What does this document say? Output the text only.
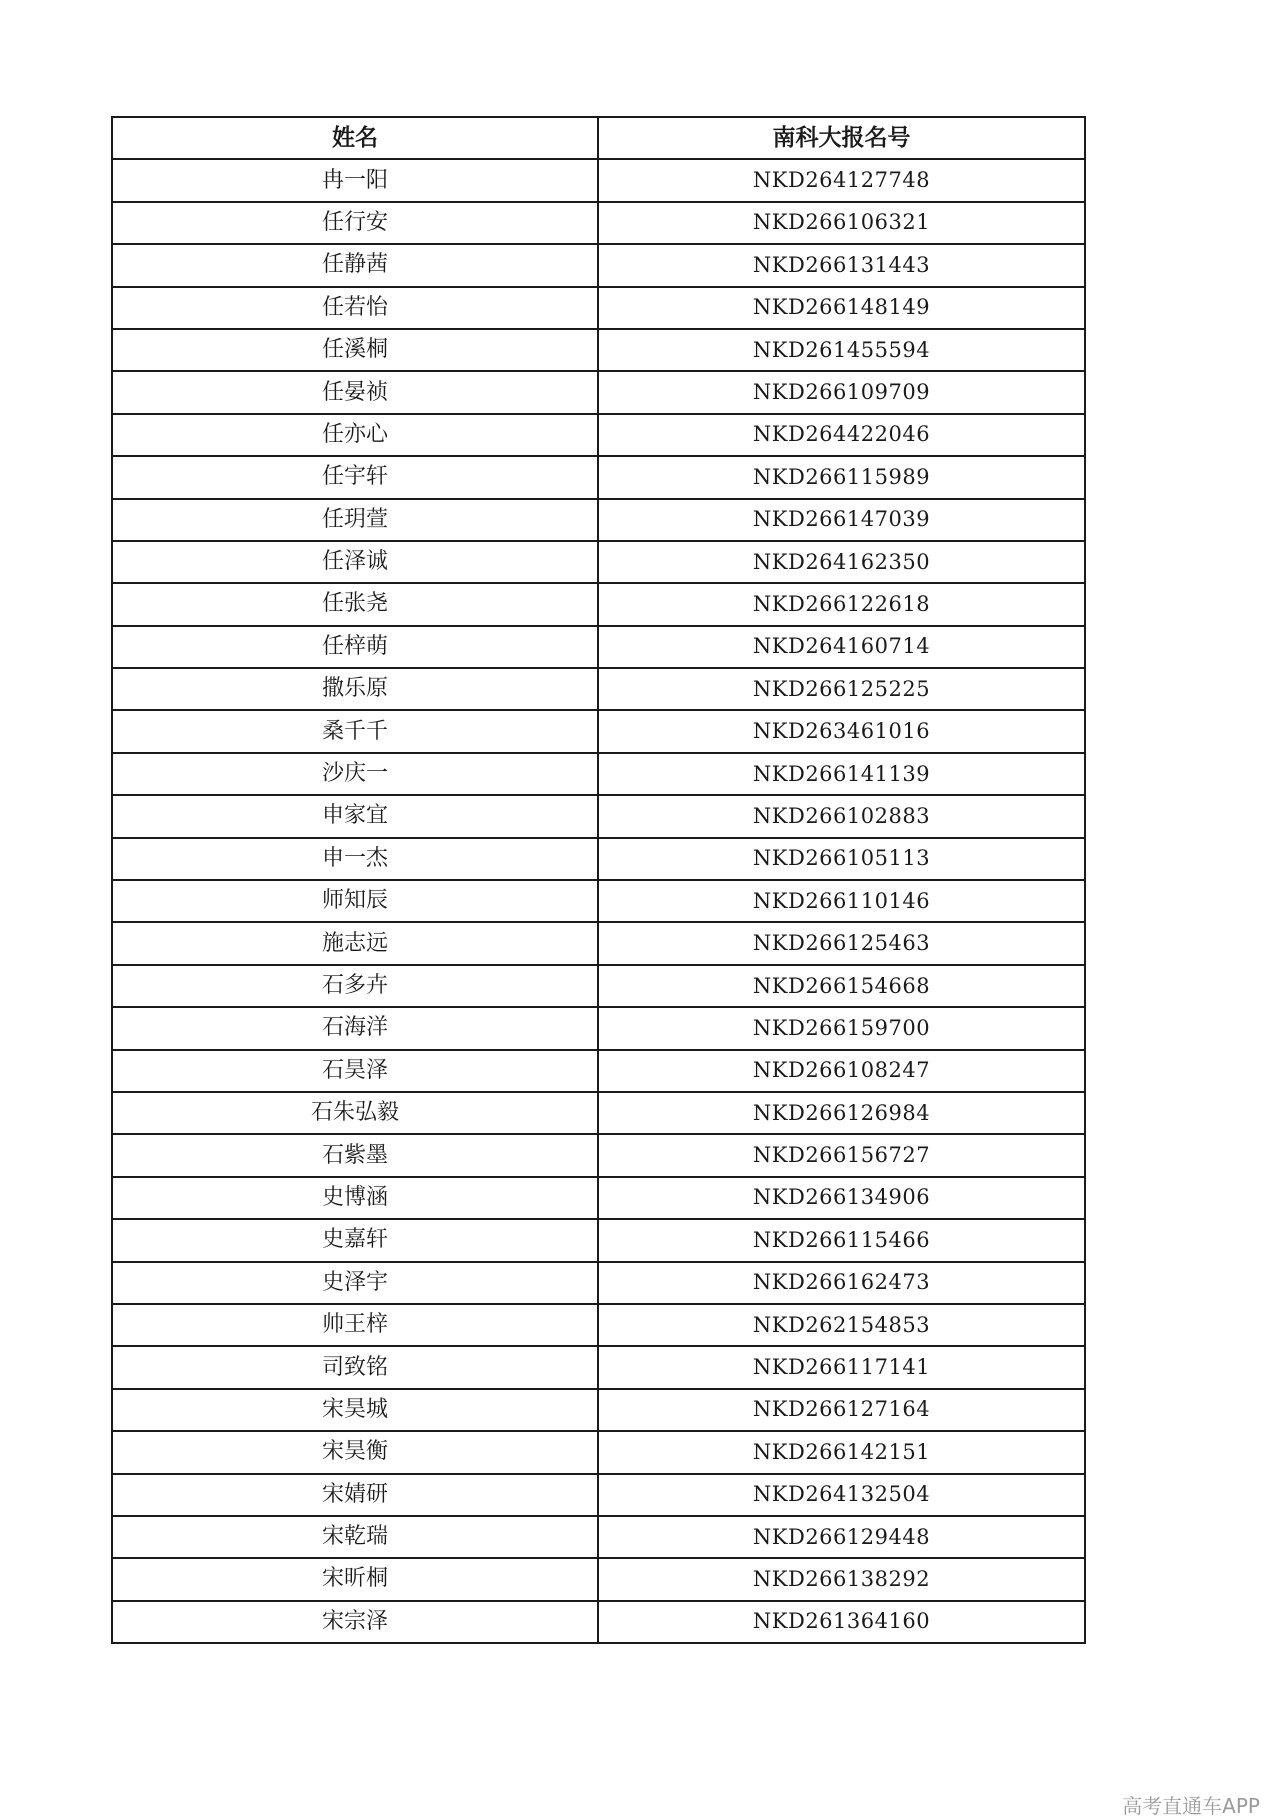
姓名	南科大报名号
冉一阳	NKD264127748
任行安	NKD266106321
任静茜	NKD266131443
任若怡	NKD266148149
任溪桐	NKD261455594
任晏祯	NKD266109709
任亦心	NKD264422046
任宇轩	NKD266115989
任玥萱	NKD266147039
任泽诚	NKD264162350
任张尧	NKD266122618
任梓萌	NKD264160714
撒乐原	NKD266125225
桑千千	NKD263461016
沙庆一	NKD266141139
申家宜	NKD266102883
申一杰	NKD266105113
师知辰	NKD266110146
施志远	NKD266125463
石多卉	NKD266154668
石海洋	NKD266159700
石昊泽	NKD266108247
石朱弘毅	NKD266126984
石紫墨	NKD266156727
史博涵	NKD266134906
史嘉轩	NKD266115466
史泽宇	NKD266162473
帅王梓	NKD262154853
司致铭	NKD266117141
宋昊城	NKD266127164
宋昊衡	NKD266142151
宋婧研	NKD264132504
宋乾瑞	NKD266129448
宋昕桐	NKD266138292
宋宗泽	NKD261364160
高考直通车APP
